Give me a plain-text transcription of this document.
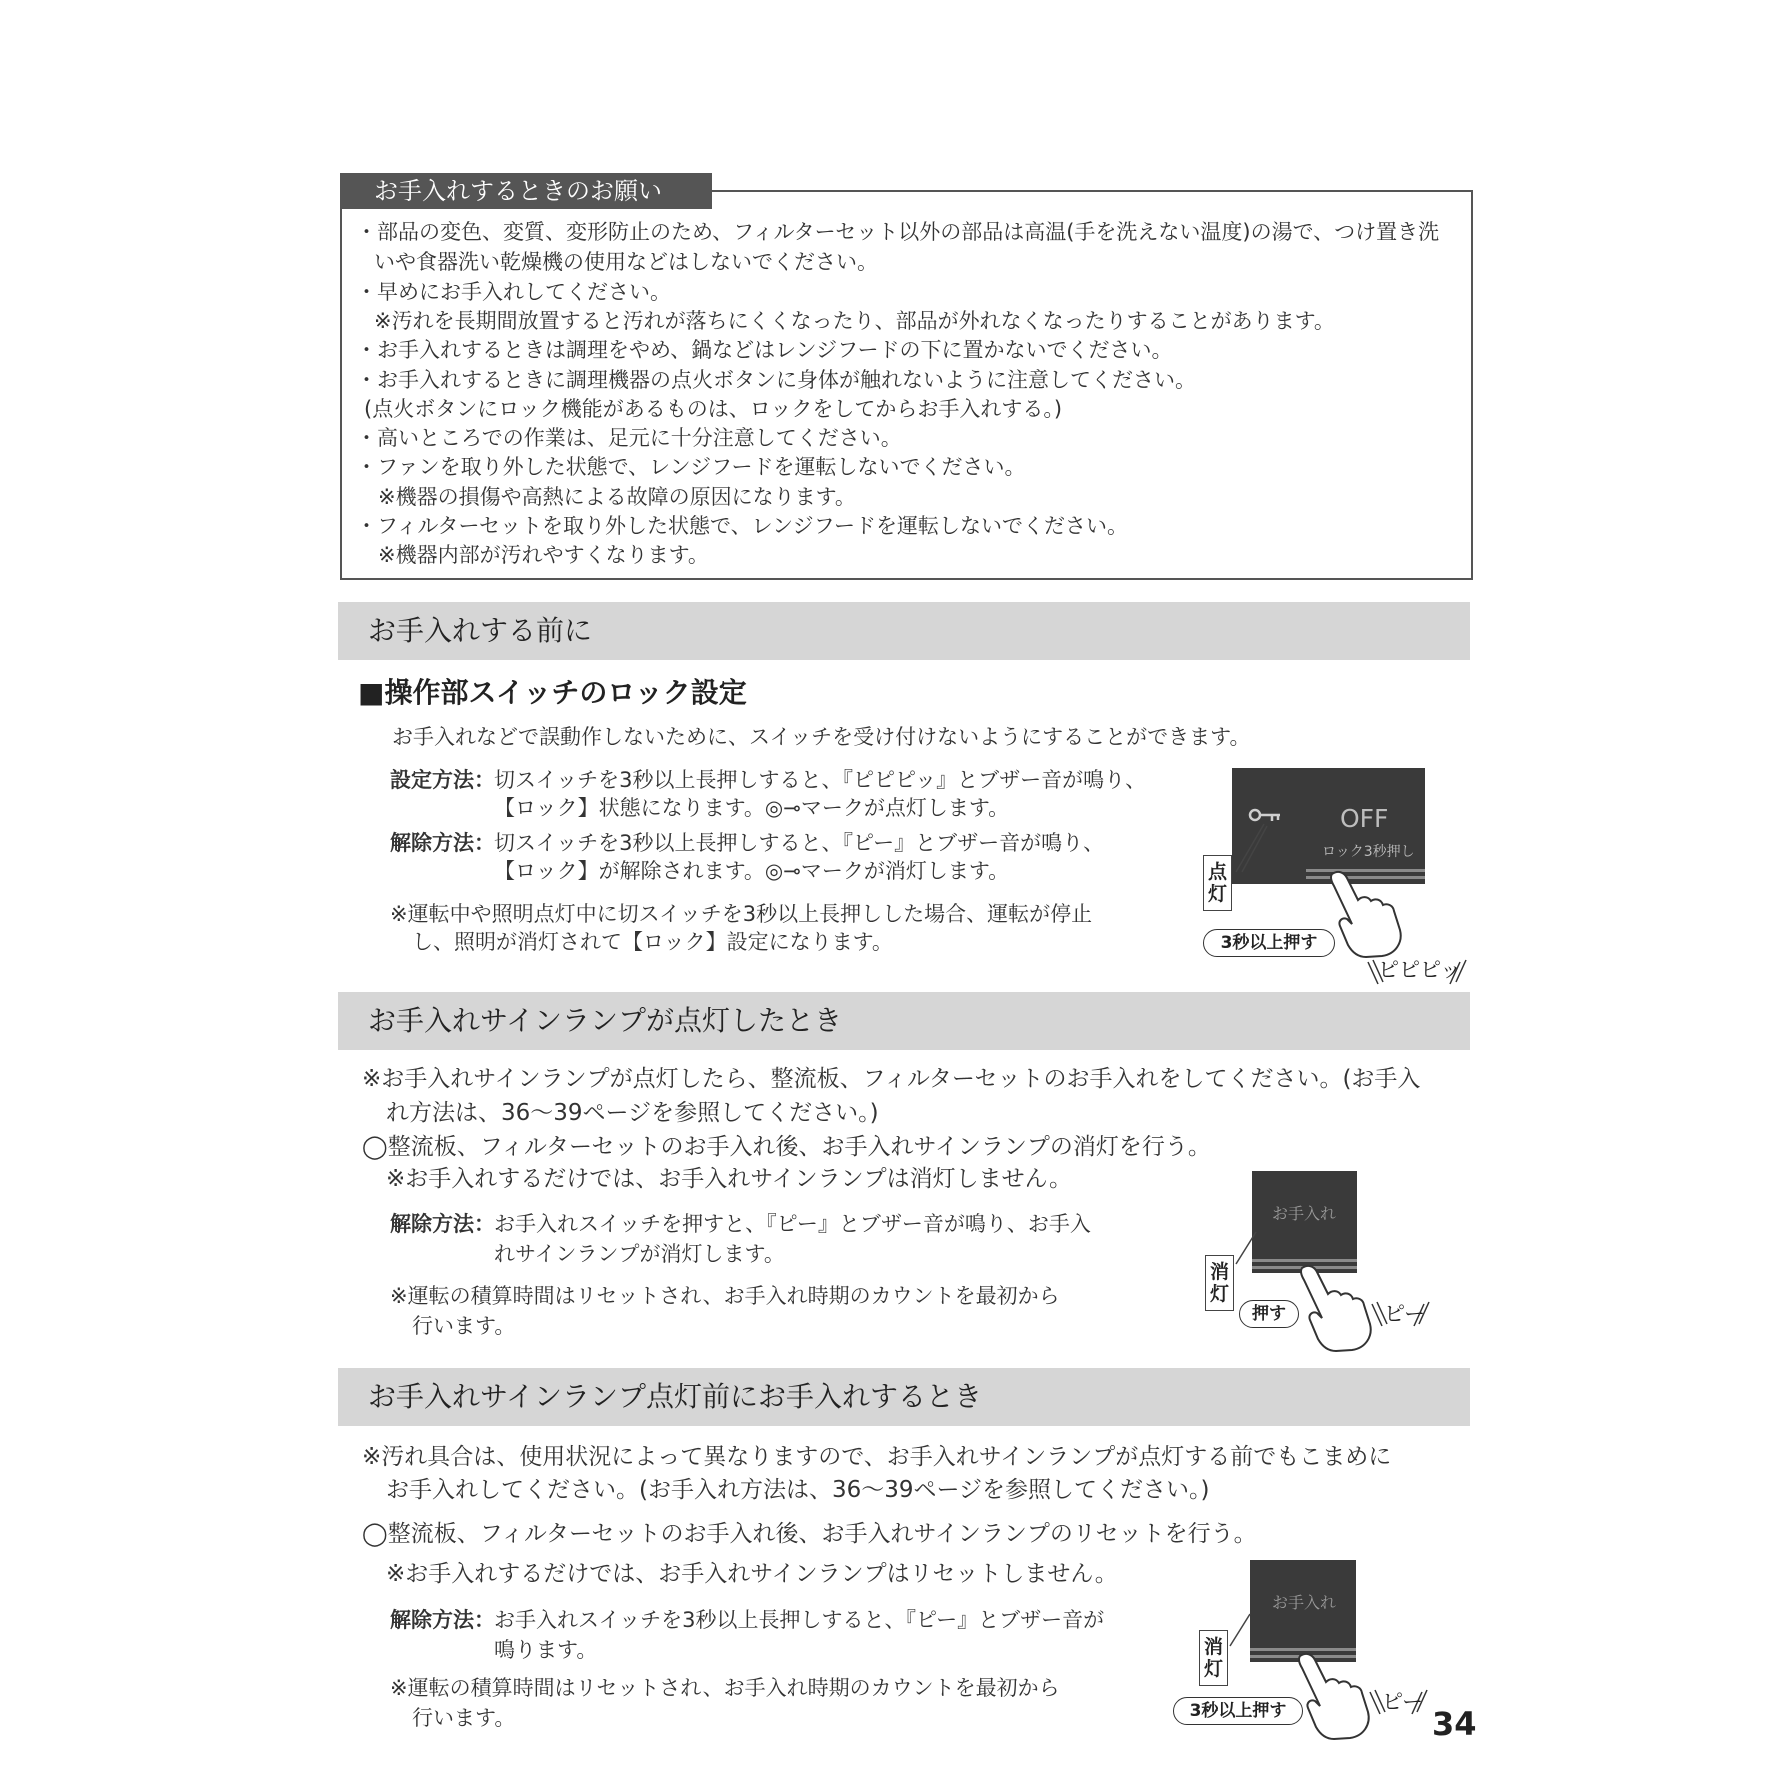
お手入れするときのお願い
・部品の変色、変質、変形防止のため、フィルターセット以外の部品は高温(手を洗えない温度)の湯で、つけ置き洗
いや食器洗い乾燥機の使用などはしないでください。
・早めにお手入れしてください。
※汚れを長期間放置すると汚れが落ちにくくなったり、部品が外れなくなったりすることがあります。
・お手入れするときは調理をやめ、鍋などはレンジフードの下に置かないでください。
・お手入れするときに調理機器の点火ボタンに身体が触れないように注意してください。
(点火ボタンにロック機能があるものは、ロックをしてからお手入れする。)
・高いところでの作業は、足元に十分注意してください。
・ファンを取り外した状態で、レンジフードを運転しないでください。
※機器の損傷や高熱による故障の原因になります。
・フィルターセットを取り外した状態で、レンジフードを運転しないでください。
※機器内部が汚れやすくなります。
お手入れする前に
■操作部スイッチのロック設定
お手入れなどで誤動作しないために、スイッチを受け付けないようにすることができます。
設定方法： 切スイッチを3秒以上長押しすると、『ピピピッ』とブザー音が鳴り、
【ロック】状態になります。◎⊸マークが点灯します。
解除方法： 切スイッチを3秒以上長押しすると、『ピー』とブザー音が鳴り、
【ロック】が解除されます。◎⊸マークが消灯します。
※運転中や照明点灯中に切スイッチを3秒以上長押しした場合、運転が停止
し、照明が消灯されて【ロック】設定になります。
OFF
ロック3秒押し
点灯
3秒以上押す
ピピピッ
お手入れサインランプが点灯したとき
※お手入れサインランプが点灯したら、整流板、フィルターセットのお手入れをしてください。(お手入
れ方法は、36〜39ページを参照してください。)
◯整流板、フィルターセットのお手入れ後、お手入れサインランプの消灯を行う。
※お手入れするだけでは、お手入れサインランプは消灯しません。
解除方法： お手入れスイッチを押すと、『ピー』とブザー音が鳴り、お手入
れサインランプが消灯します。
※運転の積算時間はリセットされ、お手入れ時期のカウントを最初から
行います。
お手入れ
消灯
押す	ピー
お手入れサインランプ点灯前にお手入れするとき
※汚れ具合は、使用状況によって異なりますので、お手入れサインランプが点灯する前でもこまめに
お手入れしてください。(お手入れ方法は、36〜39ページを参照してください。)
◯整流板、フィルターセットのお手入れ後、お手入れサインランプのリセットを行う。
※お手入れするだけでは、お手入れサインランプはリセットしません。
解除方法： お手入れスイッチを3秒以上長押しすると、『ピー』とブザー音が
鳴ります。
※運転の積算時間はリセットされ、お手入れ時期のカウントを最初から
行います。
お手入れ
消灯
3秒以上押す	ピー
34
